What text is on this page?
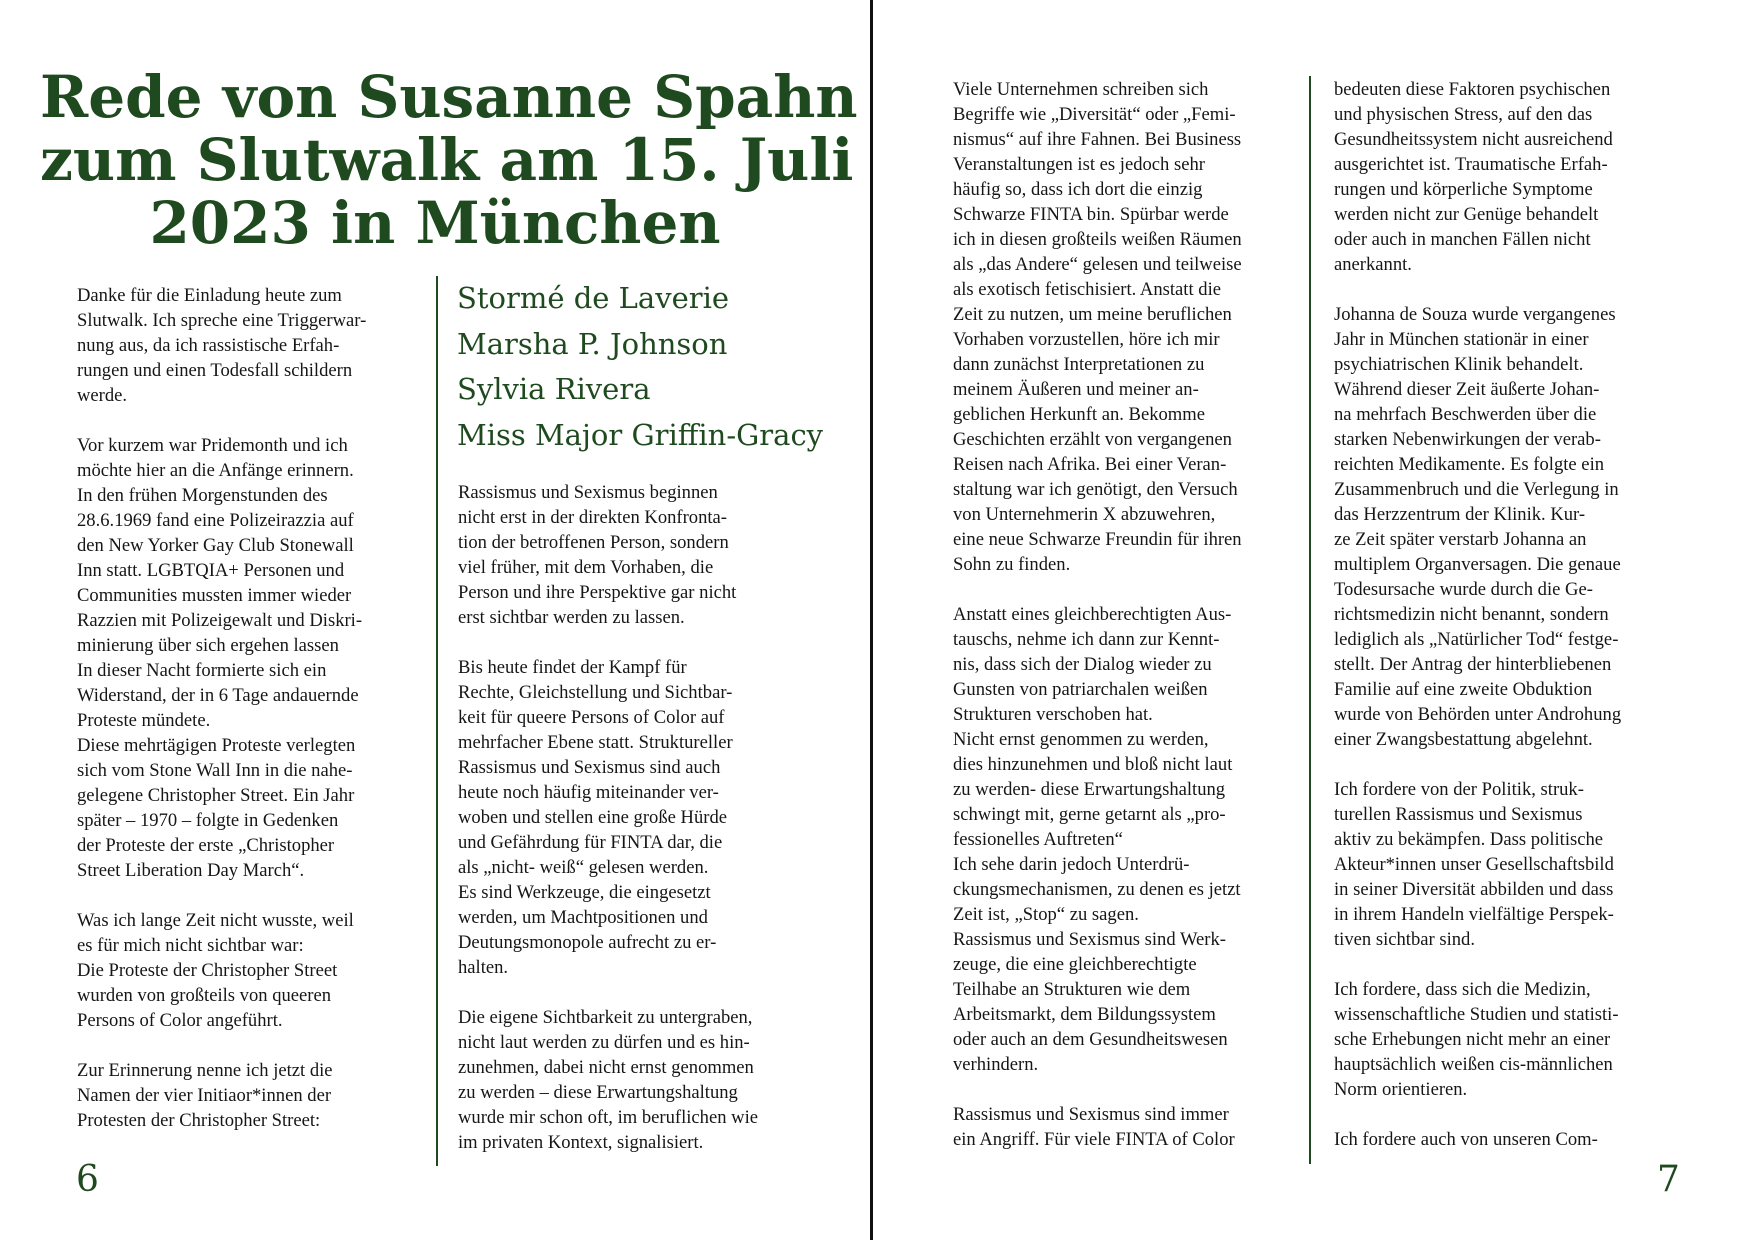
Rede von Susanne Spahn
zum Slutwalk am 15. Juli
2023 in München

Danke für die Einladung heute zum
Slutwalk. Ich spreche eine Triggerwar-
nung aus, da ich rassistische Erfah-
rungen und einen Todesfall schildern
werde.

Vor kurzem war Pridemonth und ich
möchte hier an die Anfänge erinnern.
In den frühen Morgenstunden des
28.6.1969 fand eine Polizeirazzia auf
den New Yorker Gay Club Stonewall
Inn statt. LGBTQIA+ Personen und
Communities mussten immer wieder
Razzien mit Polizeigewalt und Diskri-
minierung über sich ergehen lassen
In dieser Nacht formierte sich ein
Widerstand, der in 6 Tage andauernde
Proteste mündete.
Diese mehrtägigen Proteste verlegten
sich vom Stone Wall Inn in die nahe-
gelegene Christopher Street. Ein Jahr
später – 1970 – folgte in Gedenken
der Proteste der erste „Christopher
Street Liberation Day March“.

Was ich lange Zeit nicht wusste, weil
es für mich nicht sichtbar war:
Die Proteste der Christopher Street
wurden von großteils von queeren
Persons of Color angeführt.

Zur Erinnerung nenne ich jetzt die
Namen der vier Initiaor*innen der
Protesten der Christopher Street:

Stormé de Laverie
Marsha P. Johnson
Sylvia Rivera
Miss Major Griffin-Gracy

Rassismus und Sexismus beginnen
nicht erst in der direkten Konfronta-
tion der betroffenen Person, sondern
viel früher, mit dem Vorhaben, die
Person und ihre Perspektive gar nicht
erst sichtbar werden zu lassen.

Bis heute findet der Kampf für
Rechte, Gleichstellung und Sichtbar-
keit für queere Persons of Color auf
mehrfacher Ebene statt. Struktureller
Rassismus und Sexismus sind auch
heute noch häufig miteinander ver-
woben und stellen eine große Hürde
und Gefährdung für FINTA dar, die
als „nicht- weiß“ gelesen werden.
Es sind Werkzeuge, die eingesetzt
werden, um Machtpositionen und
Deutungsmonopole aufrecht zu er-
halten.

Die eigene Sichtbarkeit zu untergraben,
nicht laut werden zu dürfen und es hin-
zunehmen, dabei nicht ernst genommen
zu werden – diese Erwartungshaltung
wurde mir schon oft, im beruflichen wie
im privaten Kontext, signalisiert.

6

Viele Unternehmen schreiben sich
Begriffe wie „Diversität“ oder „Femi-
nismus“ auf ihre Fahnen. Bei Business
Veranstaltungen ist es jedoch sehr
häufig so, dass ich dort die einzig
Schwarze FINTA bin. Spürbar werde
ich in diesen großteils weißen Räumen
als „das Andere“ gelesen und teilweise
als exotisch fetischisiert. Anstatt die
Zeit zu nutzen, um meine beruflichen
Vorhaben vorzustellen, höre ich mir
dann zunächst Interpretationen zu
meinem Äußeren und meiner an-
geblichen Herkunft an. Bekomme
Geschichten erzählt von vergangenen
Reisen nach Afrika. Bei einer Veran-
staltung war ich genötigt, den Versuch
von Unternehmerin X abzuwehren,
eine neue Schwarze Freundin für ihren
Sohn zu finden.

Anstatt eines gleichberechtigten Aus-
tauschs, nehme ich dann zur Kennt-
nis, dass sich der Dialog wieder zu
Gunsten von patriarchalen weißen
Strukturen verschoben hat.
Nicht ernst genommen zu werden,
dies hinzunehmen und bloß nicht laut
zu werden- diese Erwartungshaltung
schwingt mit, gerne getarnt als „pro-
fessionelles Auftreten“
Ich sehe darin jedoch Unterdrü-
ckungsmechanismen, zu denen es jetzt
Zeit ist, „Stop“ zu sagen.
Rassismus und Sexismus sind Werk-
zeuge, die eine gleichberechtigte
Teilhabe an Strukturen wie dem
Arbeitsmarkt, dem Bildungssystem
oder auch an dem Gesundheitswesen
verhindern.

Rassismus und Sexismus sind immer
ein Angriff. Für viele FINTA of Color

bedeuten diese Faktoren psychischen
und physischen Stress, auf den das
Gesundheitssystem nicht ausreichend
ausgerichtet ist. Traumatische Erfah-
rungen und körperliche Symptome
werden nicht zur Genüge behandelt
oder auch in manchen Fällen nicht
anerkannt.

Johanna de Souza wurde vergangenes
Jahr in München stationär in einer
psychiatrischen Klinik behandelt.
Während dieser Zeit äußerte Johan-
na mehrfach Beschwerden über die
starken Nebenwirkungen der verab-
reichten Medikamente. Es folgte ein
Zusammenbruch und die Verlegung in
das Herzzentrum der Klinik. Kur-
ze Zeit später verstarb Johanna an
multiplem Organversagen. Die genaue
Todesursache wurde durch die Ge-
richtsmedizin nicht benannt, sondern
lediglich als „Natürlicher Tod“ festge-
stellt. Der Antrag der hinterbliebenen
Familie auf eine zweite Obduktion
wurde von Behörden unter Androhung
einer Zwangsbestattung abgelehnt.

Ich fordere von der Politik, struk-
turellen Rassismus und Sexismus
aktiv zu bekämpfen. Dass politische
Akteur*innen unser Gesellschaftsbild
in seiner Diversität abbilden und dass
in ihrem Handeln vielfältige Perspek-
tiven sichtbar sind.

Ich fordere, dass sich die Medizin,
wissenschaftliche Studien und statisti-
sche Erhebungen nicht mehr an einer
hauptsächlich weißen cis-männlichen
Norm orientieren.

Ich fordere auch von unseren Com-

7
